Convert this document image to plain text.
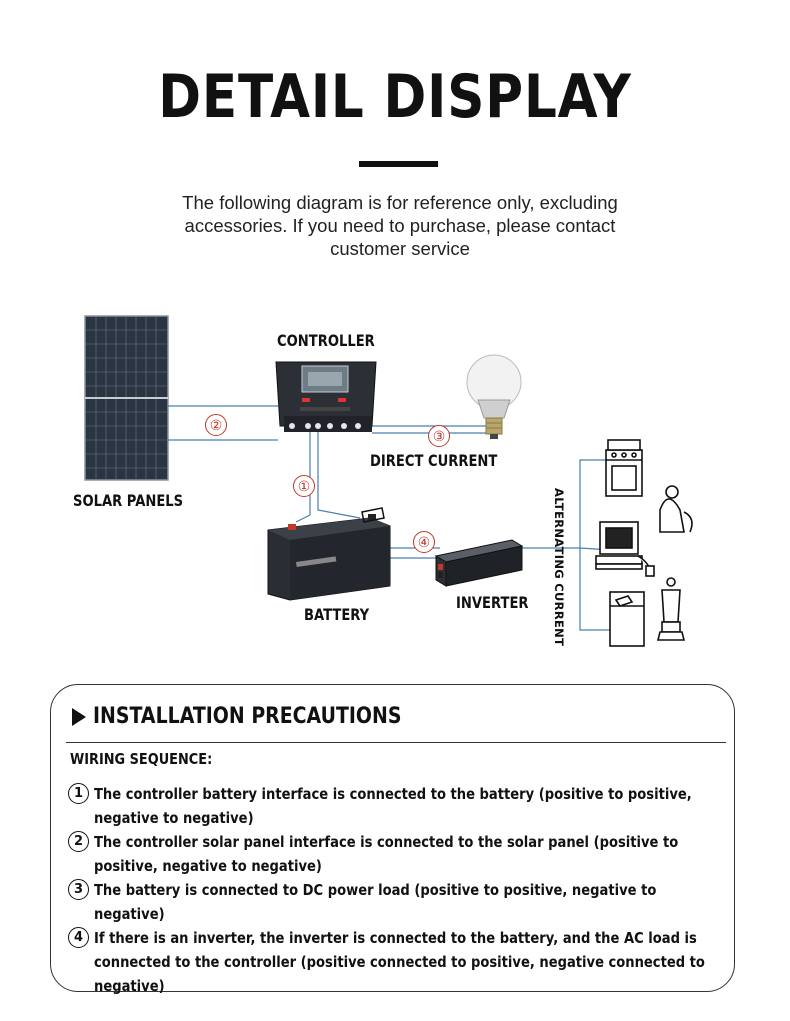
DETAIL DISPLAY
The following diagram is for reference only, excluding accessories. If you need to purchase, please contact customer service
CONTROLLER
SOLAR PANELS
DIRECT CURRENT
BATTERY
INVERTER
①
②
③
④	ALTERNATING CURRENT
INSTALLATION PRECAUTIONS
WIRING SEQUENCE:
1 The controller battery interface is connected to the battery (positive to positive, negative to negative)
2 The controller solar panel interface is connected to the solar panel (positive to positive, negative to negative)
3 The battery is connected to DC power load (positive to positive, negative to negative)
4 If there is an inverter, the inverter is connected to the battery, and the AC load is connected to the controller (positive connected to positive, negative connected to negative)
